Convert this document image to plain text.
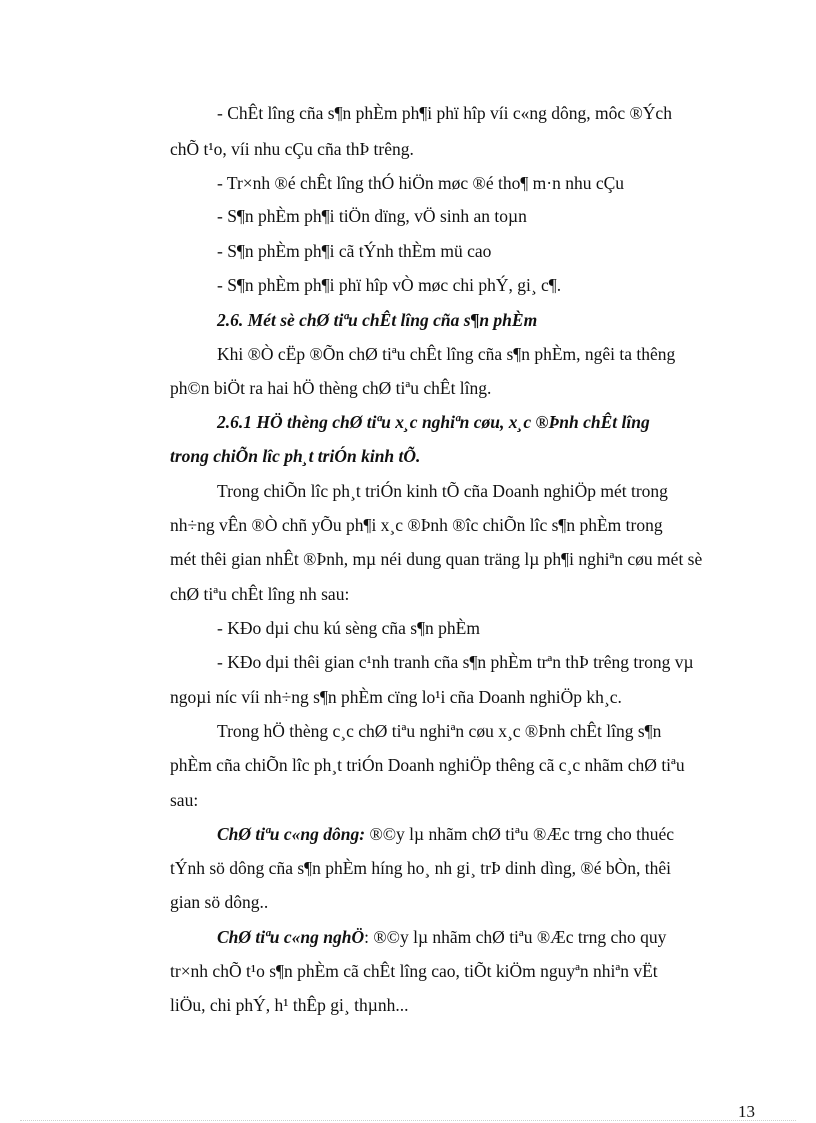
- ChÊt lîng cña s¶n phÈm ph¶i phï hîp víi c«ng dông, môc ®Ých
chÕ t¹o, víi nhu cÇu cña thÞ trêng.
- Tr×nh ®é chÊt lîng thÓ hiÖn møc ®é tho¶ m·n nhu cÇu
- S¶n phÈm ph¶i tiÖn dïng, vÖ sinh an toµn
- S¶n phÈm ph¶i cã tÝnh thÈm mü cao
- S¶n phÈm ph¶i phï hîp vÒ møc chi phÝ, gi¸ c¶.
2.6. Mét sè chØ tiªu chÊt lîng cña s¶n phÈm
Khi ®Ò cËp ®Õn chØ tiªu chÊt lîng cña s¶n phÈm, ngêi ta thêng
ph©n biÖt ra hai hÖ thèng chØ tiªu chÊt lîng.
2.6.1 HÖ thèng chØ tiªu x¸c nghiªn cøu, x¸c ®Þnh chÊt lîng
trong chiÕn lîc ph¸t triÓn kinh tÕ.
Trong chiÕn lîc ph¸t triÓn kinh tÕ cña Doanh nghiÖp mét trong
nh÷ng vÊn ®Ò chñ yÕu ph¶i x¸c ®Þnh ®îc chiÕn lîc s¶n phÈm trong
mét thêi gian nhÊt ®Þnh, mµ néi dung quan träng lµ ph¶i nghiªn cøu mét sè
chØ tiªu chÊt lîng nh sau:
- KÐo dµi chu kú sèng cña s¶n phÈm
- KÐo dµi thêi gian c¹nh tranh cña s¶n phÈm trªn thÞ trêng trong vµ
ngoµi níc víi nh÷ng s¶n phÈm cïng lo¹i cña Doanh nghiÖp kh¸c.
Trong hÖ thèng c¸c chØ tiªu nghiªn cøu x¸c ®Þnh chÊt lîng s¶n
phÈm cña chiÕn lîc ph¸t triÓn Doanh nghiÖp thêng cã c¸c nhãm chØ tiªu
sau:
ChØ tiªu c«ng dông: ®©y lµ nhãm chØ tiªu ®Æc trng cho thuéc
tÝnh sö dông cña s¶n phÈm híng ho¸ nh gi¸ trÞ dinh dìng, ®é bÒn, thêi
gian sö dông..
ChØ tiªu c«ng nghÖ: ®©y lµ nhãm chØ tiªu ®Æc trng cho quy
tr×nh chÕ t¹o s¶n phÈm cã chÊt lîng cao, tiÕt kiÖm nguyªn nhiªn vËt
liÖu, chi phÝ, h¹ thÊp gi¸ thµnh...
13
